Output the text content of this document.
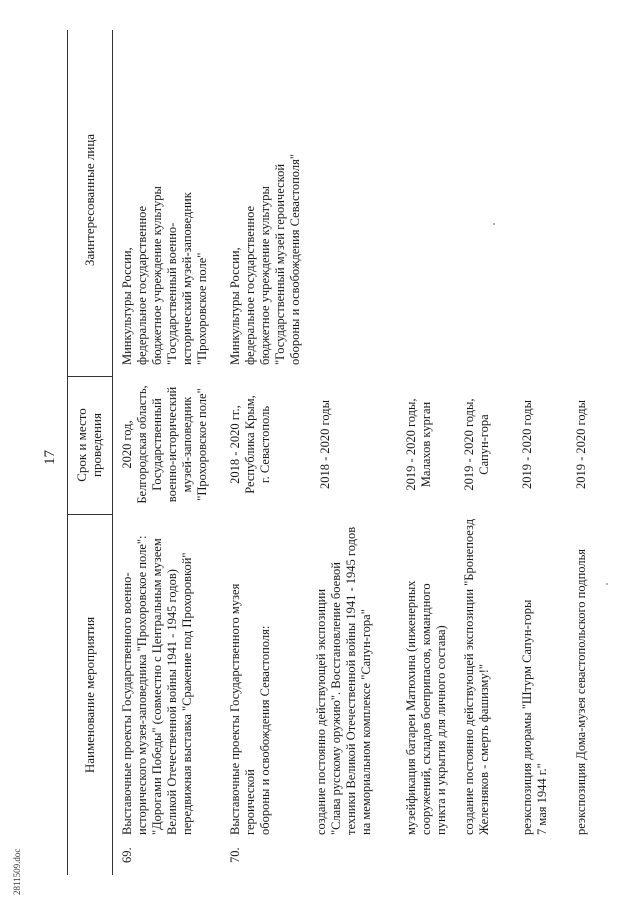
17
Наименование мероприятия
Срок и место проведения
Заинтересованные лица
69.
Выставочные проекты Государственного военно- исторического музея-заповедника "Прохоровское поле": "Дорогами Победы" (совместно с Центральным музеем Великой Отечественной войны 1941 - 1945 годов) передвижная выставка "Сражение под Прохоровкой"
2020 год, Белгородская область, Государственный военно-исторический музей-заповедник "Прохоровское поле"
Минкультуры России, федеральное государственное бюджетное учреждение культуры "Государственный военно- исторический музей-заповедник "Прохоровское поле"
70.
Выставочные проекты Государственного музея героической обороны и освобождения Севастополя:
2018 - 2020 гг., Республика Крым, г. Севастополь
Минкультуры России, федеральное государственное бюджетное учреждение культуры "Государственный музей героической обороны и освобождения Севастополя"
создание постоянно действующей экспозиции "Слава русскому оружию". Восстановление боевой техники Великой Отечественной войны 1941 - 1945 годов на мемориальном комплексе "Сапун-гора"
2018 - 2020 годы
музейфикация батареи Матюхина (инженерных сооружений, складов боеприпасов, командного пункта и укрытия для личного состава)
2019 - 2020 годы, Малахов курган
создание постоянно действующей экспозиции "Бронепоезд Железняков - смерть фашизму!"
2019 - 2020 годы, Сапун-гора
реэкспозиция диорамы "Штурм Сапун-горы 7 мая 1944 г."
2019 - 2020 годы
реэкспозиция Дома-музея севастопольского подполья
2019 - 2020 годы
2811509.doc
